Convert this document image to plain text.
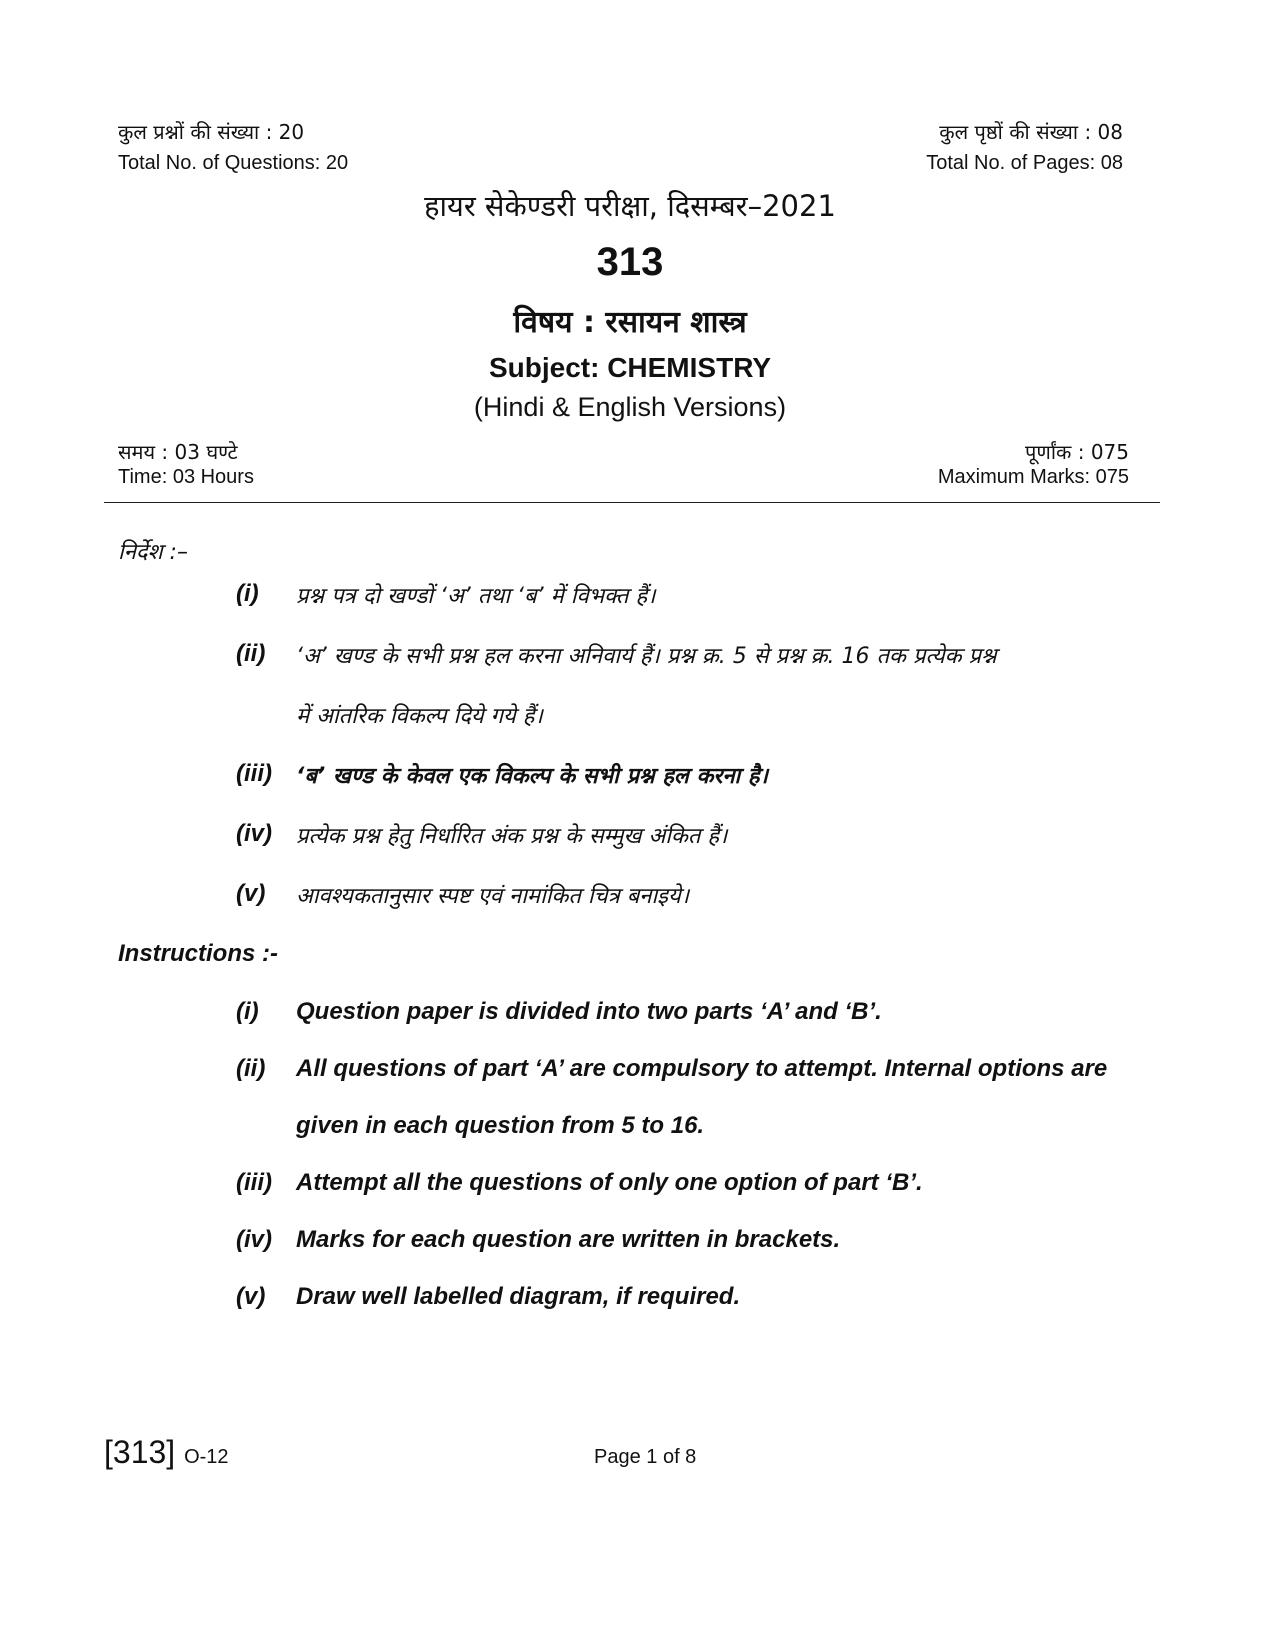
कुल प्रश्नों की संख्या : 20
Total No. of Questions: 20
कुल पृष्ठों की संख्या : 08
Total No. of Pages: 08
हायर सेकेण्डरी परीक्षा, दिसम्बर–2021
313
विषय : रसायन शास्त्र
Subject: CHEMISTRY
(Hindi & English Versions)
समय : 03 घण्टे
Time: 03 Hours
पूर्णांक : 075
Maximum Marks: 075
निर्देश :–
(i) प्रश्न पत्र दो खण्डों ‘अ’ तथा ‘ब’ में विभक्त हैं।
(ii) ‘अ’ खण्ड के सभी प्रश्न हल करना अनिवार्य हैं। प्रश्न क्र. 5 से प्रश्न क्र. 16 तक प्रत्येक प्रश्न
में आंतरिक विकल्प दिये गये हैं।
(iii) ‘ब’ खण्ड के केवल एक विकल्प के सभी प्रश्न हल करना है।
(iv) प्रत्येक प्रश्न हेतु निर्धारित अंक प्रश्न के सम्मुख अंकित हैं।
(v) आवश्यकतानुसार स्पष्ट एवं नामांकित चित्र बनाइये।
Instructions :-
(i) Question paper is divided into two parts ‘A’ and ‘B’.
(ii) All questions of part ‘A’ are compulsory to attempt. Internal options are
given in each question from 5 to 16.
(iii) Attempt all the questions of only one option of part ‘B’.
(iv) Marks for each question are written in brackets.
(v) Draw well labelled diagram, if required.
[313] O-12	Page 1 of 8
